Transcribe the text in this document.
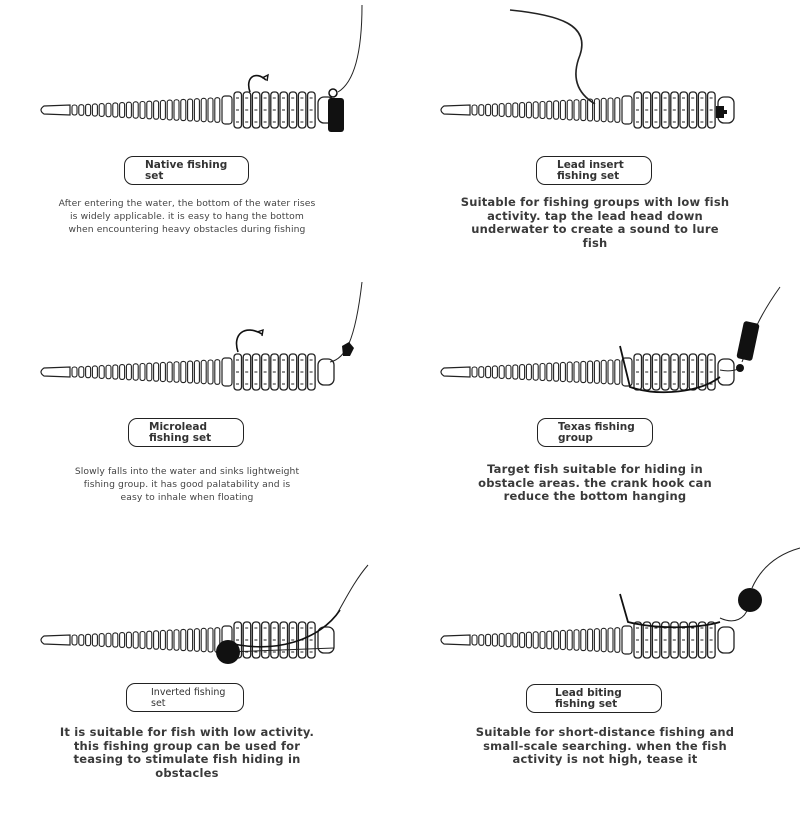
Native fishing
set
After entering the water, the bottom of the water rises is widely applicable. it is easy to hang the bottom when encountering heavy obstacles during fishing
Lead insert
fishing set
Suitable for fishing groups with low fish activity. tap the lead head down underwater to create a sound to lure fish
Microlead
fishing set
Slowly falls into the water and sinks lightweight fishing group. it has good palatability and is easy to inhale when floating
Texas fishing
group
Target fish suitable for hiding in obstacle areas. the crank hook can reduce the bottom hanging
Inverted fishing
set
It is suitable for fish with low activity. this fishing group can be used for teasing to stimulate fish hiding in obstacles
Lead biting
fishing set
Suitable for short-distance fishing and small-scale searching. when the fish activity is not high, tease it
